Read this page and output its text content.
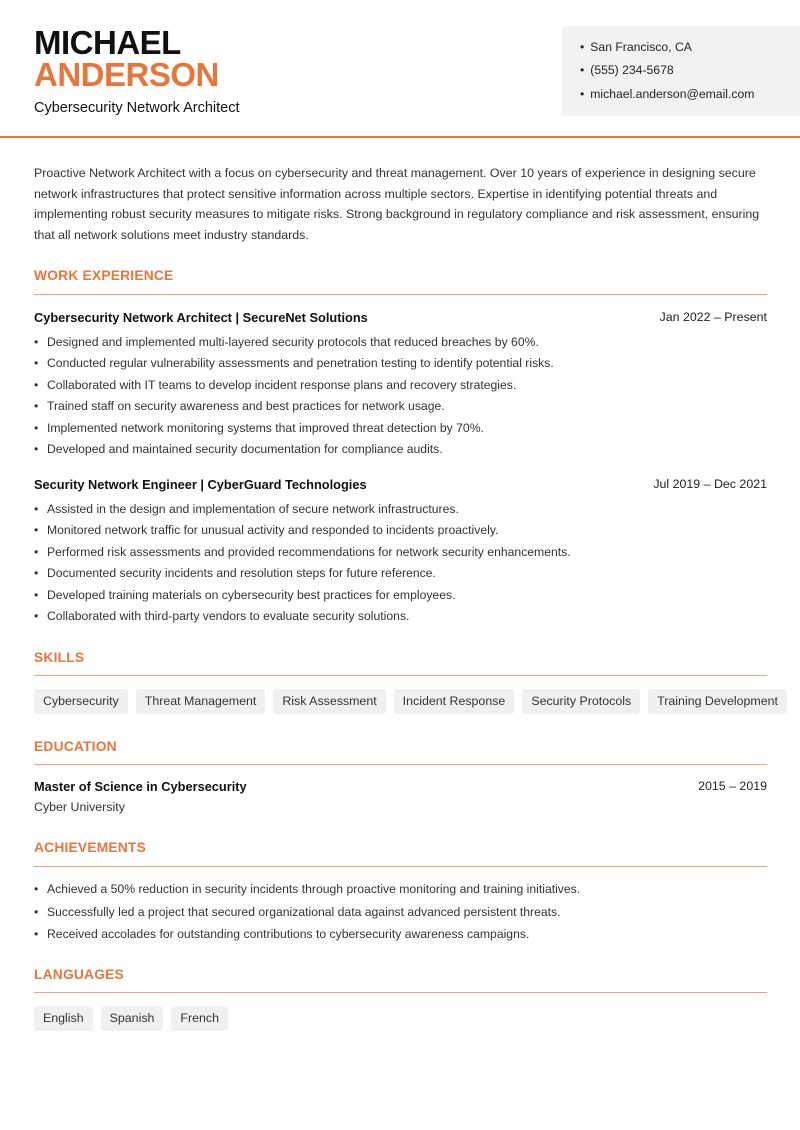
MICHAEL
ANDERSON
Cybersecurity Network Architect
• San Francisco, CA
• (555) 234-5678
• michael.anderson@email.com
Proactive Network Architect with a focus on cybersecurity and threat management. Over 10 years of experience in designing secure network infrastructures that protect sensitive information across multiple sectors. Expertise in identifying potential threats and implementing robust security measures to mitigate risks. Strong background in regulatory compliance and risk assessment, ensuring that all network solutions meet industry standards.
WORK EXPERIENCE
Cybersecurity Network Architect | SecureNet Solutions	Jan 2022 – Present
• Designed and implemented multi-layered security protocols that reduced breaches by 60%.
• Conducted regular vulnerability assessments and penetration testing to identify potential risks.
• Collaborated with IT teams to develop incident response plans and recovery strategies.
• Trained staff on security awareness and best practices for network usage.
• Implemented network monitoring systems that improved threat detection by 70%.
• Developed and maintained security documentation for compliance audits.
Security Network Engineer | CyberGuard Technologies	Jul 2019 – Dec 2021
• Assisted in the design and implementation of secure network infrastructures.
• Monitored network traffic for unusual activity and responded to incidents proactively.
• Performed risk assessments and provided recommendations for network security enhancements.
• Documented security incidents and resolution steps for future reference.
• Developed training materials on cybersecurity best practices for employees.
• Collaborated with third-party vendors to evaluate security solutions.
SKILLS
Cybersecurity	Threat Management	Risk Assessment	Incident Response	Security Protocols	Training Development
EDUCATION
Master of Science in Cybersecurity	2015 – 2019
Cyber University
ACHIEVEMENTS
• Achieved a 50% reduction in security incidents through proactive monitoring and training initiatives.
• Successfully led a project that secured organizational data against advanced persistent threats.
• Received accolades for outstanding contributions to cybersecurity awareness campaigns.
LANGUAGES
English	Spanish	French
